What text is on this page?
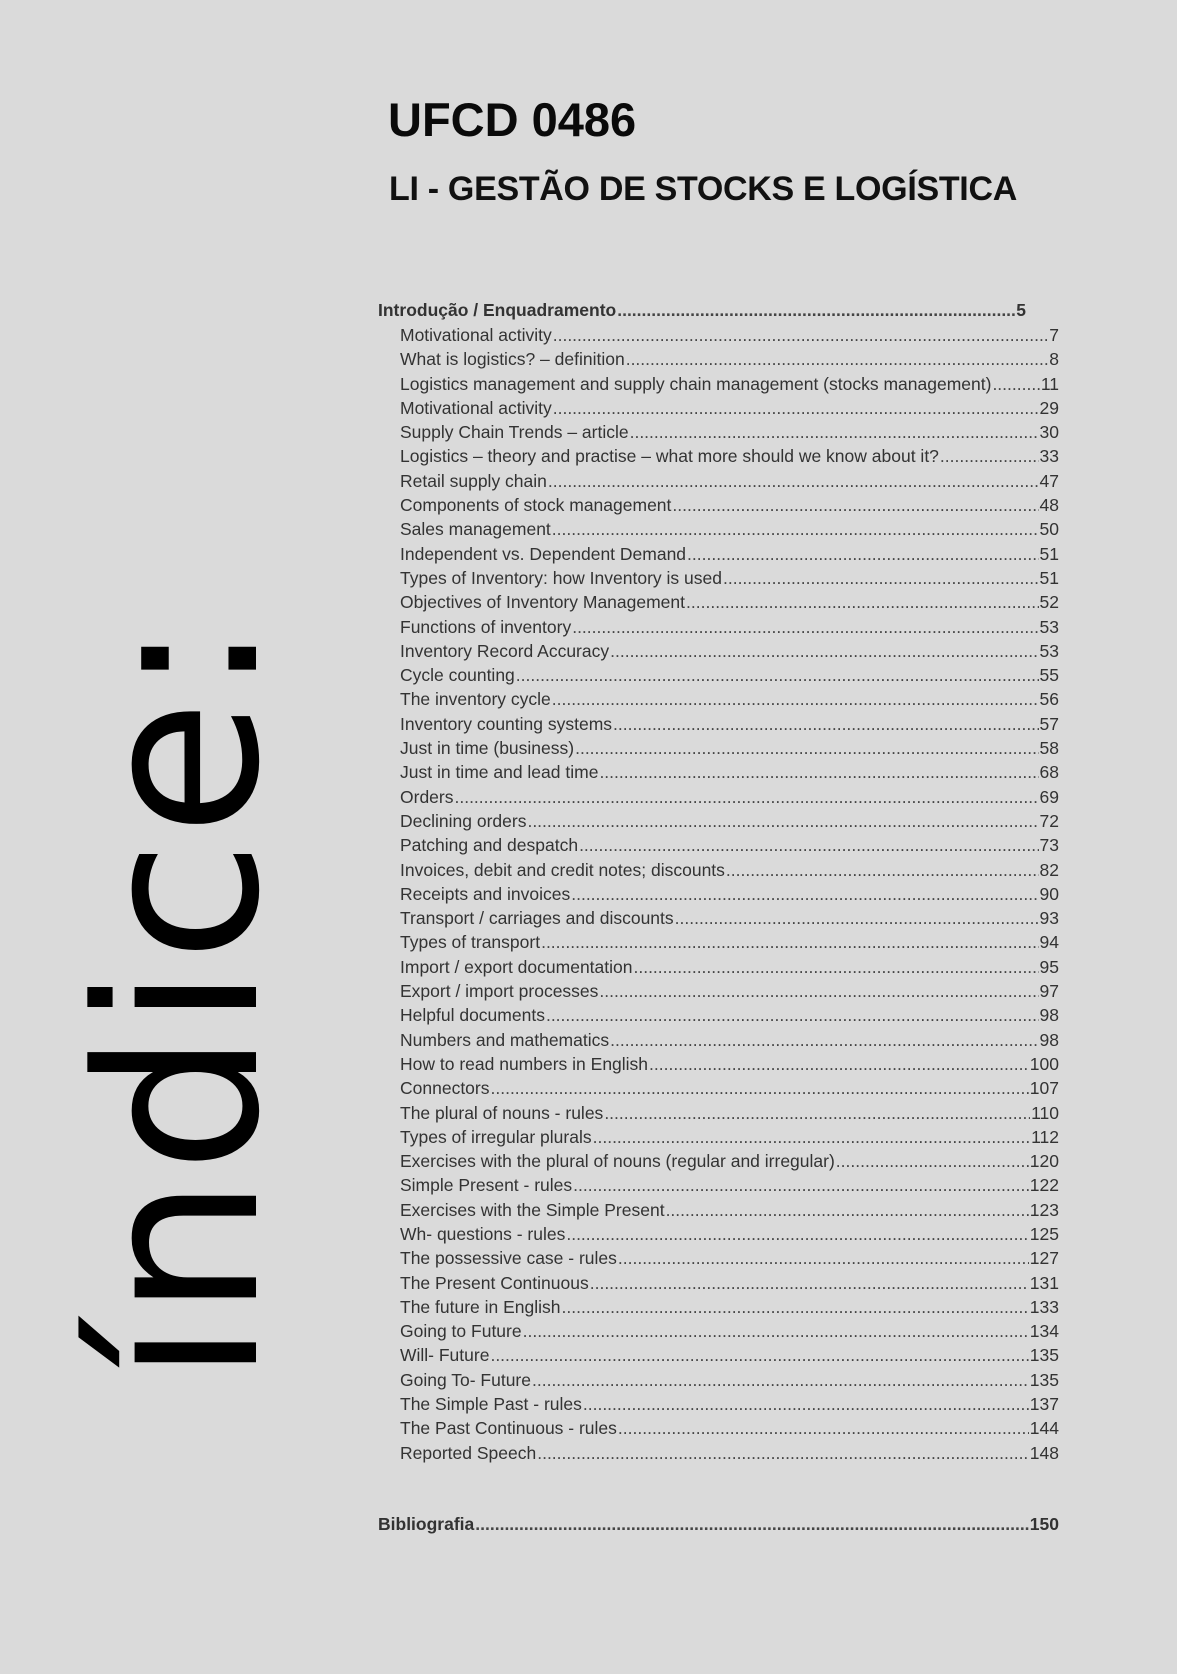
índice:
UFCD 0486
LI - GESTÃO DE STOCKS E LOGÍSTICA
Introdução / Enquadramento .....	5
Motivational activity .....	7
What is logistics? – definition .....	8
Logistics management and supply chain management (stocks management) .....	11
Motivational activity .....	29
Supply Chain Trends – article .....	30
Logistics – theory and practise – what more should we know about it? .....	33
Retail supply chain .....	47
Components of stock management .....	48
Sales management .....	50
Independent vs. Dependent Demand .....	51
Types of Inventory: how Inventory is used .....	51
Objectives of Inventory Management .....	52
Functions of inventory .....	53
Inventory Record Accuracy .....	53
Cycle counting .....	55
The inventory cycle .....	56
Inventory counting systems .....	57
Just in time (business) .....	58
Just in time and lead time .....	68
Orders .....	69
Declining orders .....	72
Patching and despatch .....	73
Invoices, debit and credit notes; discounts .....	82
Receipts and invoices .....	90
Transport / carriages and discounts .....	93
Types of transport .....	94
Import / export documentation .....	95
Export / import processes .....	97
Helpful documents .....	98
Numbers and mathematics .....	98
How to read numbers in English .....	100
Connectors .....	107
The plural of nouns - rules .....	110
Types of irregular plurals .....	112
Exercises with the plural of nouns (regular and irregular) .....	120
Simple Present - rules .....	122
Exercises with the Simple Present .....	123
Wh- questions - rules .....	125
The possessive case - rules .....	127
The Present Continuous .....	131
The future in English .....	133
Going to Future .....	134
Will- Future .....	135
Going To- Future .....	135
The Simple Past - rules .....	137
The Past Continuous - rules .....	144
Reported Speech .....	148
Bibliografia .....	150
